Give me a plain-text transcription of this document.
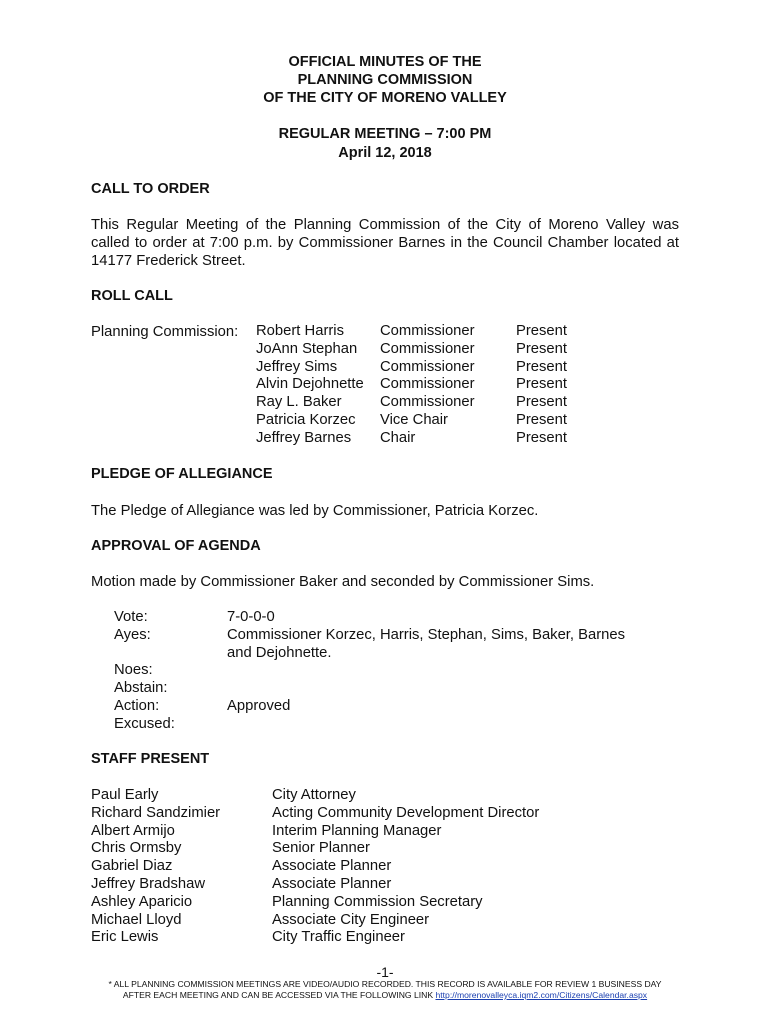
OFFICIAL MINUTES OF THE
PLANNING COMMISSION
OF THE CITY OF MORENO VALLEY
REGULAR MEETING – 7:00 PM
April 12, 2018
CALL TO ORDER
This Regular Meeting of the Planning Commission of the City of Moreno Valley was
called to order at 7:00 p.m. by Commissioner Barnes in the Council Chamber located at
14177 Frederick Street.
ROLL CALL
Planning Commission: Robert Harris
JoAnn Stephan
Jeffrey Sims
Alvin Dejohnette
Ray L. Baker
Patricia Korzec
Jeffrey Barnes
Commissioner
Commissioner
Commissioner
Commissioner
Commissioner
Vice Chair
Chair
Present
Present
Present
Present
Present
Present
Present
PLEDGE OF ALLEGIANCE
The Pledge of Allegiance was led by Commissioner, Patricia Korzec.
APPROVAL OF AGENDA
Motion made by Commissioner Baker and seconded by Commissioner Sims.
Vote:
Ayes:
Noes:
Abstain:
Action:
Excused:
7-0-0-0
Commissioner Korzec, Harris, Stephan, Sims, Baker, Barnes
and Dejohnette.
Approved
STAFF PRESENT
Paul Early
Richard Sandzimier
Albert Armijo
Chris Ormsby
Gabriel Diaz
Jeffrey Bradshaw
Ashley Aparicio
Michael Lloyd
Eric Lewis
City Attorney
Acting Community Development Director
Interim Planning Manager
Senior Planner
Associate Planner
Associate Planner
Planning Commission Secretary
Associate City Engineer
City Traffic Engineer
-1-
* ALL PLANNING COMMISSION MEETINGS ARE VIDEO/AUDIO RECORDED. THIS RECORD IS AVAILABLE FOR REVIEW 1 BUSINESS DAY
AFTER EACH MEETING AND CAN BE ACCESSED VIA THE FOLLOWING LINK http://morenovalleyca.iqm2.com/Citizens/Calendar.aspx
